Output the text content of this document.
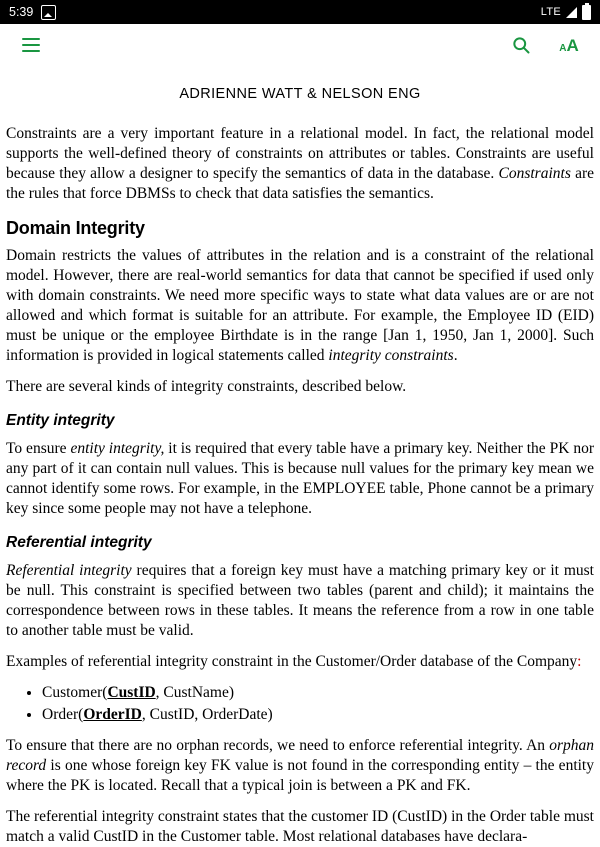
5:39	LTE
A A
ADRIENNE WATT & NELSON ENG

Constraints are a very important feature in a relational model. In fact, the relational model supports the well-defined theory of constraints on attributes or tables. Constraints are useful because they allow a designer to specify the semantics of data in the database. Constraints are the rules that force DBMSs to check that data satisfies the semantics.

Domain Integrity

Domain restricts the values of attributes in the relation and is a constraint of the relational model. However, there are real-world semantics for data that cannot be specified if used only with domain constraints. We need more specific ways to state what data values are or are not allowed and which format is suitable for an attribute. For example, the Employee ID (EID) must be unique or the employee Birthdate is in the range [Jan 1, 1950, Jan 1, 2000]. Such information is provided in logical statements called integrity constraints.

There are several kinds of integrity constraints, described below.

Entity integrity

To ensure entity integrity, it is required that every table have a primary key. Neither the PK nor any part of it can contain null values. This is because null values for the primary key mean we cannot identify some rows. For example, in the EMPLOYEE table, Phone cannot be a primary key since some people may not have a telephone.

Referential integrity

Referential integrity requires that a foreign key must have a matching primary key or it must be null. This constraint is specified between two tables (parent and child); it maintains the correspondence between rows in these tables. It means the reference from a row in one table to another table must be valid.

Examples of referential integrity constraint in the Customer/Order database of the Company:

• Customer(CustID, CustName)
• Order(OrderID, CustID, OrderDate)

To ensure that there are no orphan records, we need to enforce referential integrity. An orphan record is one whose foreign key FK value is not found in the corresponding entity – the entity where the PK is located. Recall that a typical join is between a PK and FK.

The referential integrity constraint states that the customer ID (CustID) in the Order table must match a valid CustID in the Customer table. Most relational databases have declara-
